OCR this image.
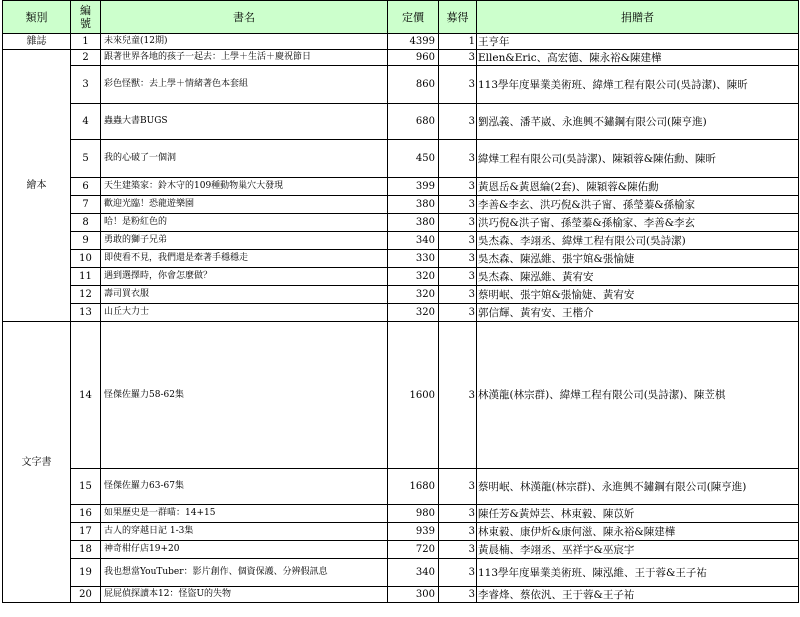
類別	編號	書名	定價	募得	捐贈者
雜誌	1	未來兒童(12期)	4399	1	王亨年
繪本	2	跟著世界各地的孩子一起去：上學＋生活＋慶祝節日	960	3	Ellen&Eric、高宏德、陳永裕&陳建樺
	3	彩色怪獸：去上學＋情緒著色本套組	860	3	113學年度畢業美術班、緯燁工程有限公司(吳詩潔)、陳昕
	4	蟲蟲大書BUGS	680	3	劉泓義、潘芊崴、永進興不鏽鋼有限公司(陳亨進)
	5	我的心破了一個洞	450	3	緯燁工程有限公司(吳詩潔)、陳穎蓉&陳佑勳、陳昕
	6	天生建築家：鈴木守的109種動物巢穴大發現	399	3	黃恩岳&黃恩綸(2套)、陳穎蓉&陳佑勳
	7	歡迎光臨！恐龍遊樂園	380	3	李善&李玄、洪巧倪&洪子甯、孫瑩蓁&孫榆家
	8	哈！是粉紅色的	380	3	洪巧倪&洪子甯、孫瑩蓁&孫榆家、李善&李玄
	9	勇敢的獅子兄弟	340	3	吳杰森、李翊丞、緯燁工程有限公司(吳詩潔)
	10	即使看不見，我們還是牽著手穩穩走	330	3	吳杰森、陳泓維、張宇婠&張愉婕
	11	遇到選擇時，你會怎麼做？	320	3	吳杰森、陳泓維、黃宥安
	12	壽司買衣服	320	3	蔡明岷、張宇婠&張愉婕、黃宥安
	13	山丘大力士	320	3	郭信輝、黃宥安、王楷介
文字書	14	怪傑佐羅力58-62集	1600	3	林漢龍(林宗群)、緯燁工程有限公司(吳詩潔)、陳苙棋
	15	怪傑佐羅力63-67集	1680	3	蔡明岷、林漢龍(林宗群)、永進興不鏽鋼有限公司(陳亨進)
	16	如果歷史是一群喵：14+15	980	3	陳任芳&黃焯芸、林東毅、陳苡妡
	17	古人的穿越日記 1-3集	939	3	林東毅、康伊炘&康何滋、陳永裕&陳建樺
	18	神奇柑仔店19+20	720	3	黃晨楠、李翊丞、巫祥宇&巫宸宇
	19	我也想當YouTuber：影片創作、個資保護、分辨假訊息	340	3	113學年度畢業美術班、陳泓維、王于蓉&王子祐
	20	屁屁偵探讀本12：怪盜U的失物	300	3	李睿烽、蔡依汎、王于蓉&王子祐
